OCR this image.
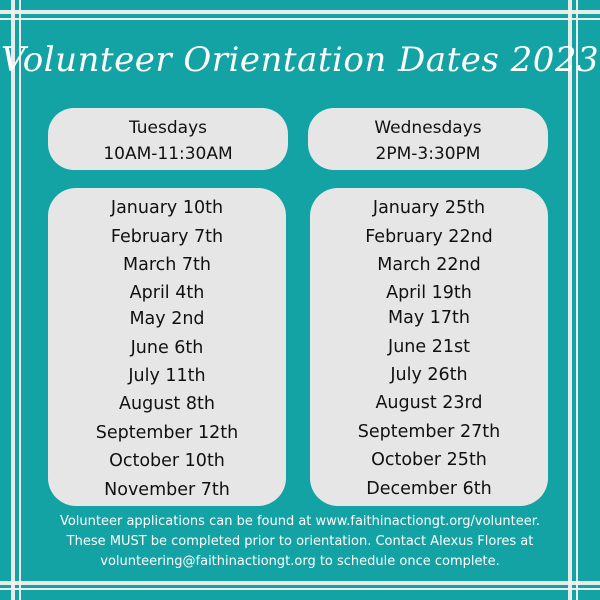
Volunteer Orientation Dates 2023
Tuesdays
10AM-11:30AM
Wednesdays
2PM-3:30PM
January 10th
February 7th
March 7th
April 4th
May 2nd
June 6th
July 11th
August 8th
September 12th
October 10th
November 7th
January 25th
February 22nd
March 22nd
April 19th
May 17th
June 21st
July 26th
August 23rd
September 27th
October 25th
December 6th
Volunteer applications can be found at www.faithinactiongt.org/volunteer.
These MUST be completed prior to orientation. Contact Alexus Flores at
volunteering@faithinactiongt.org to schedule once complete.
